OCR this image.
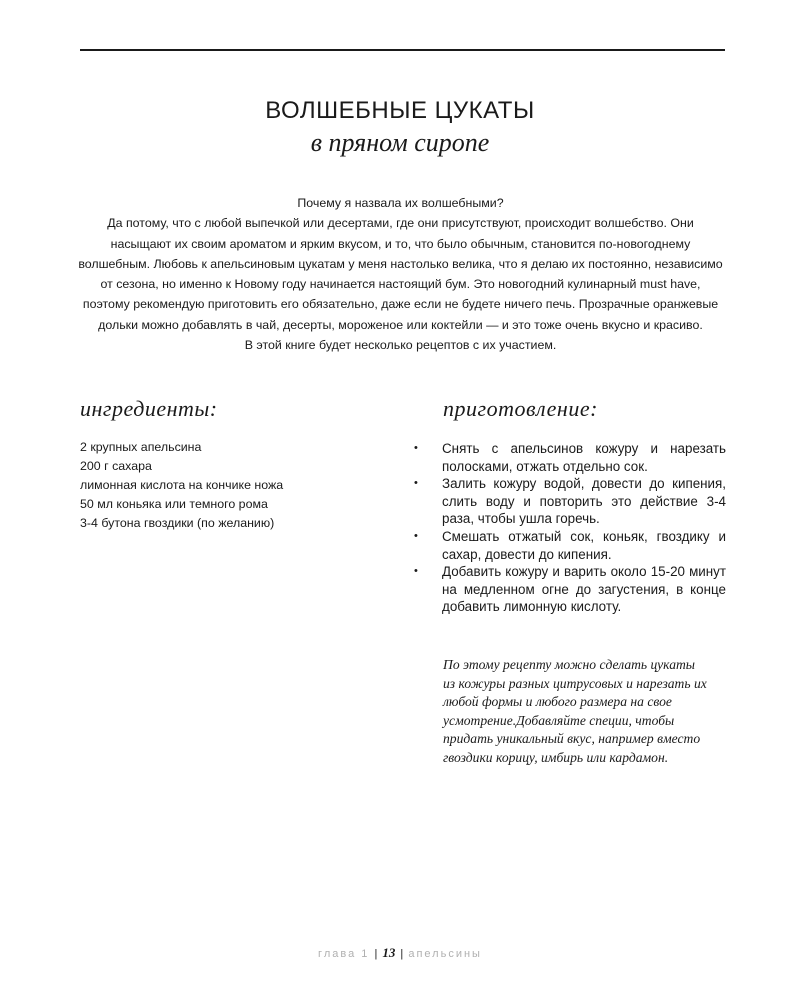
ВОЛШЕБНЫЕ ЦУКАТЫ
в пряном сиропе

Почему я назвала их волшебными?

Да потому, что с любой выпечкой или десертами, где они присутствуют, происходит волшебство. Они насыщают их своим ароматом и ярким вкусом, и то, что было обычным, становится по-новогоднему волшебным. Любовь к апельсиновым цукатам у меня настолько велика, что я делаю их постоянно, независимо от сезона, но именно к Новому году начинается настоящий бум. Это новогодний кулинарный must have, поэтому рекомендую приготовить его обязательно, даже если не будете ничего печь. Прозрачные оранжевые дольки можно добавлять в чай, десерты, мороженое или коктейли — и это тоже очень вкусно и красиво.

В этой книге будет несколько рецептов с их участием.

ингредиенты:	приготовление:
2 крупных апельсина
200 г сахара
лимонная кислота на кончике ножа
50 мл коньяка или темного рома
3-4 бутона гвоздики (по желанию)
• Снять с апельсинов кожуру и нарезать полосками, отжать отдельно сок.
• Залить кожуру водой, довести до кипения, слить воду и повторить это действие 3-4 раза, чтобы ушла горечь.
• Смешать отжатый сок, коньяк, гвоздику и сахар, довести до кипения.
• Добавить кожуру и варить около 15-20 минут на медленном огне до загустения, в конце добавить лимонную кислоту.

По этому рецепту можно сделать цукаты из кожуры разных цитрусовых и нарезать их любой формы и любого размера на свое усмотрение.Добавляйте специи, чтобы придать уникальный вкус, например вместо гвоздики корицу, имбирь или кардамон.

глава 1 | 13 | апельсины
